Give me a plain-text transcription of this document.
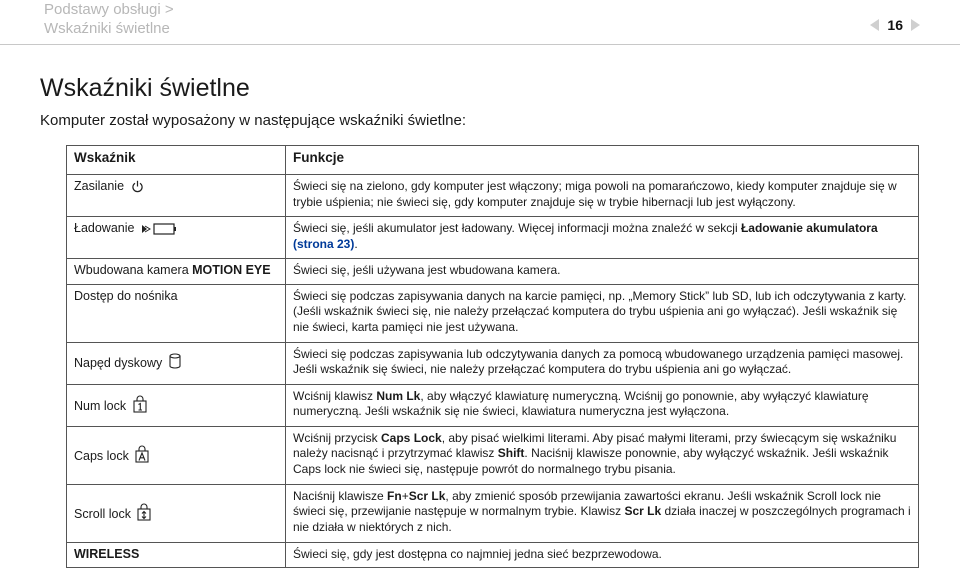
Podstawy obsługi >
Wskaźniki świetlne	16
Wskaźniki świetlne
Komputer został wyposażony w następujące wskaźniki świetlne:
Wskaźnik	Funkcje
Zasilanie	Świeci się na zielono, gdy komputer jest włączony; miga powoli na pomarańczowo, kiedy komputer znajduje się w trybie uśpienia; nie świeci się, gdy komputer znajduje się w trybie hibernacji lub jest wyłączony.
Ładowanie	Świeci się, jeśli akumulator jest ładowany. Więcej informacji można znaleźć w sekcji Ładowanie akumulatora
(strona 23).
Wbudowana kamera MOTION EYE	Świeci się, jeśli używana jest wbudowana kamera.
Dostęp do nośnika	Świeci się podczas zapisywania danych na karcie pamięci, np. „Memory Stick” lub SD, lub ich odczytywania z karty. (Jeśli wskaźnik świeci się, nie należy przełączać komputera do trybu uśpienia ani go wyłączać). Jeśli wskaźnik się nie świeci, karta pamięci nie jest używana.
Napęd dyskowy	Świeci się podczas zapisywania lub odczytywania danych za pomocą wbudowanego urządzenia pamięci masowej. Jeśli wskaźnik się świeci, nie należy przełączać komputera do trybu uśpienia ani go wyłączać.
Num lock	Wciśnij klawisz Num Lk, aby włączyć klawiaturę numeryczną. Wciśnij go ponownie, aby wyłączyć klawiaturę numeryczną. Jeśli wskaźnik się nie świeci, klawiatura numeryczna jest wyłączona.
Caps lock	Wciśnij przycisk Caps Lock, aby pisać wielkimi literami. Aby pisać małymi literami, przy świecącym się wskaźniku należy nacisnąć i przytrzymać klawisz Shift. Naciśnij klawisze ponownie, aby wyłączyć wskaźnik. Jeśli wskaźnik Caps lock nie świeci się, następuje powrót do normalnego trybu pisania.
Scroll lock	Naciśnij klawisze Fn+Scr Lk, aby zmienić sposób przewijania zawartości ekranu. Jeśli wskaźnik Scroll lock nie świeci się, przewijanie następuje w normalnym trybie. Klawisz Scr Lk działa inaczej w poszczególnych programach i nie działa w niektórych z nich.
WIRELESS	Świeci się, gdy jest dostępna co najmniej jedna sieć bezprzewodowa.
